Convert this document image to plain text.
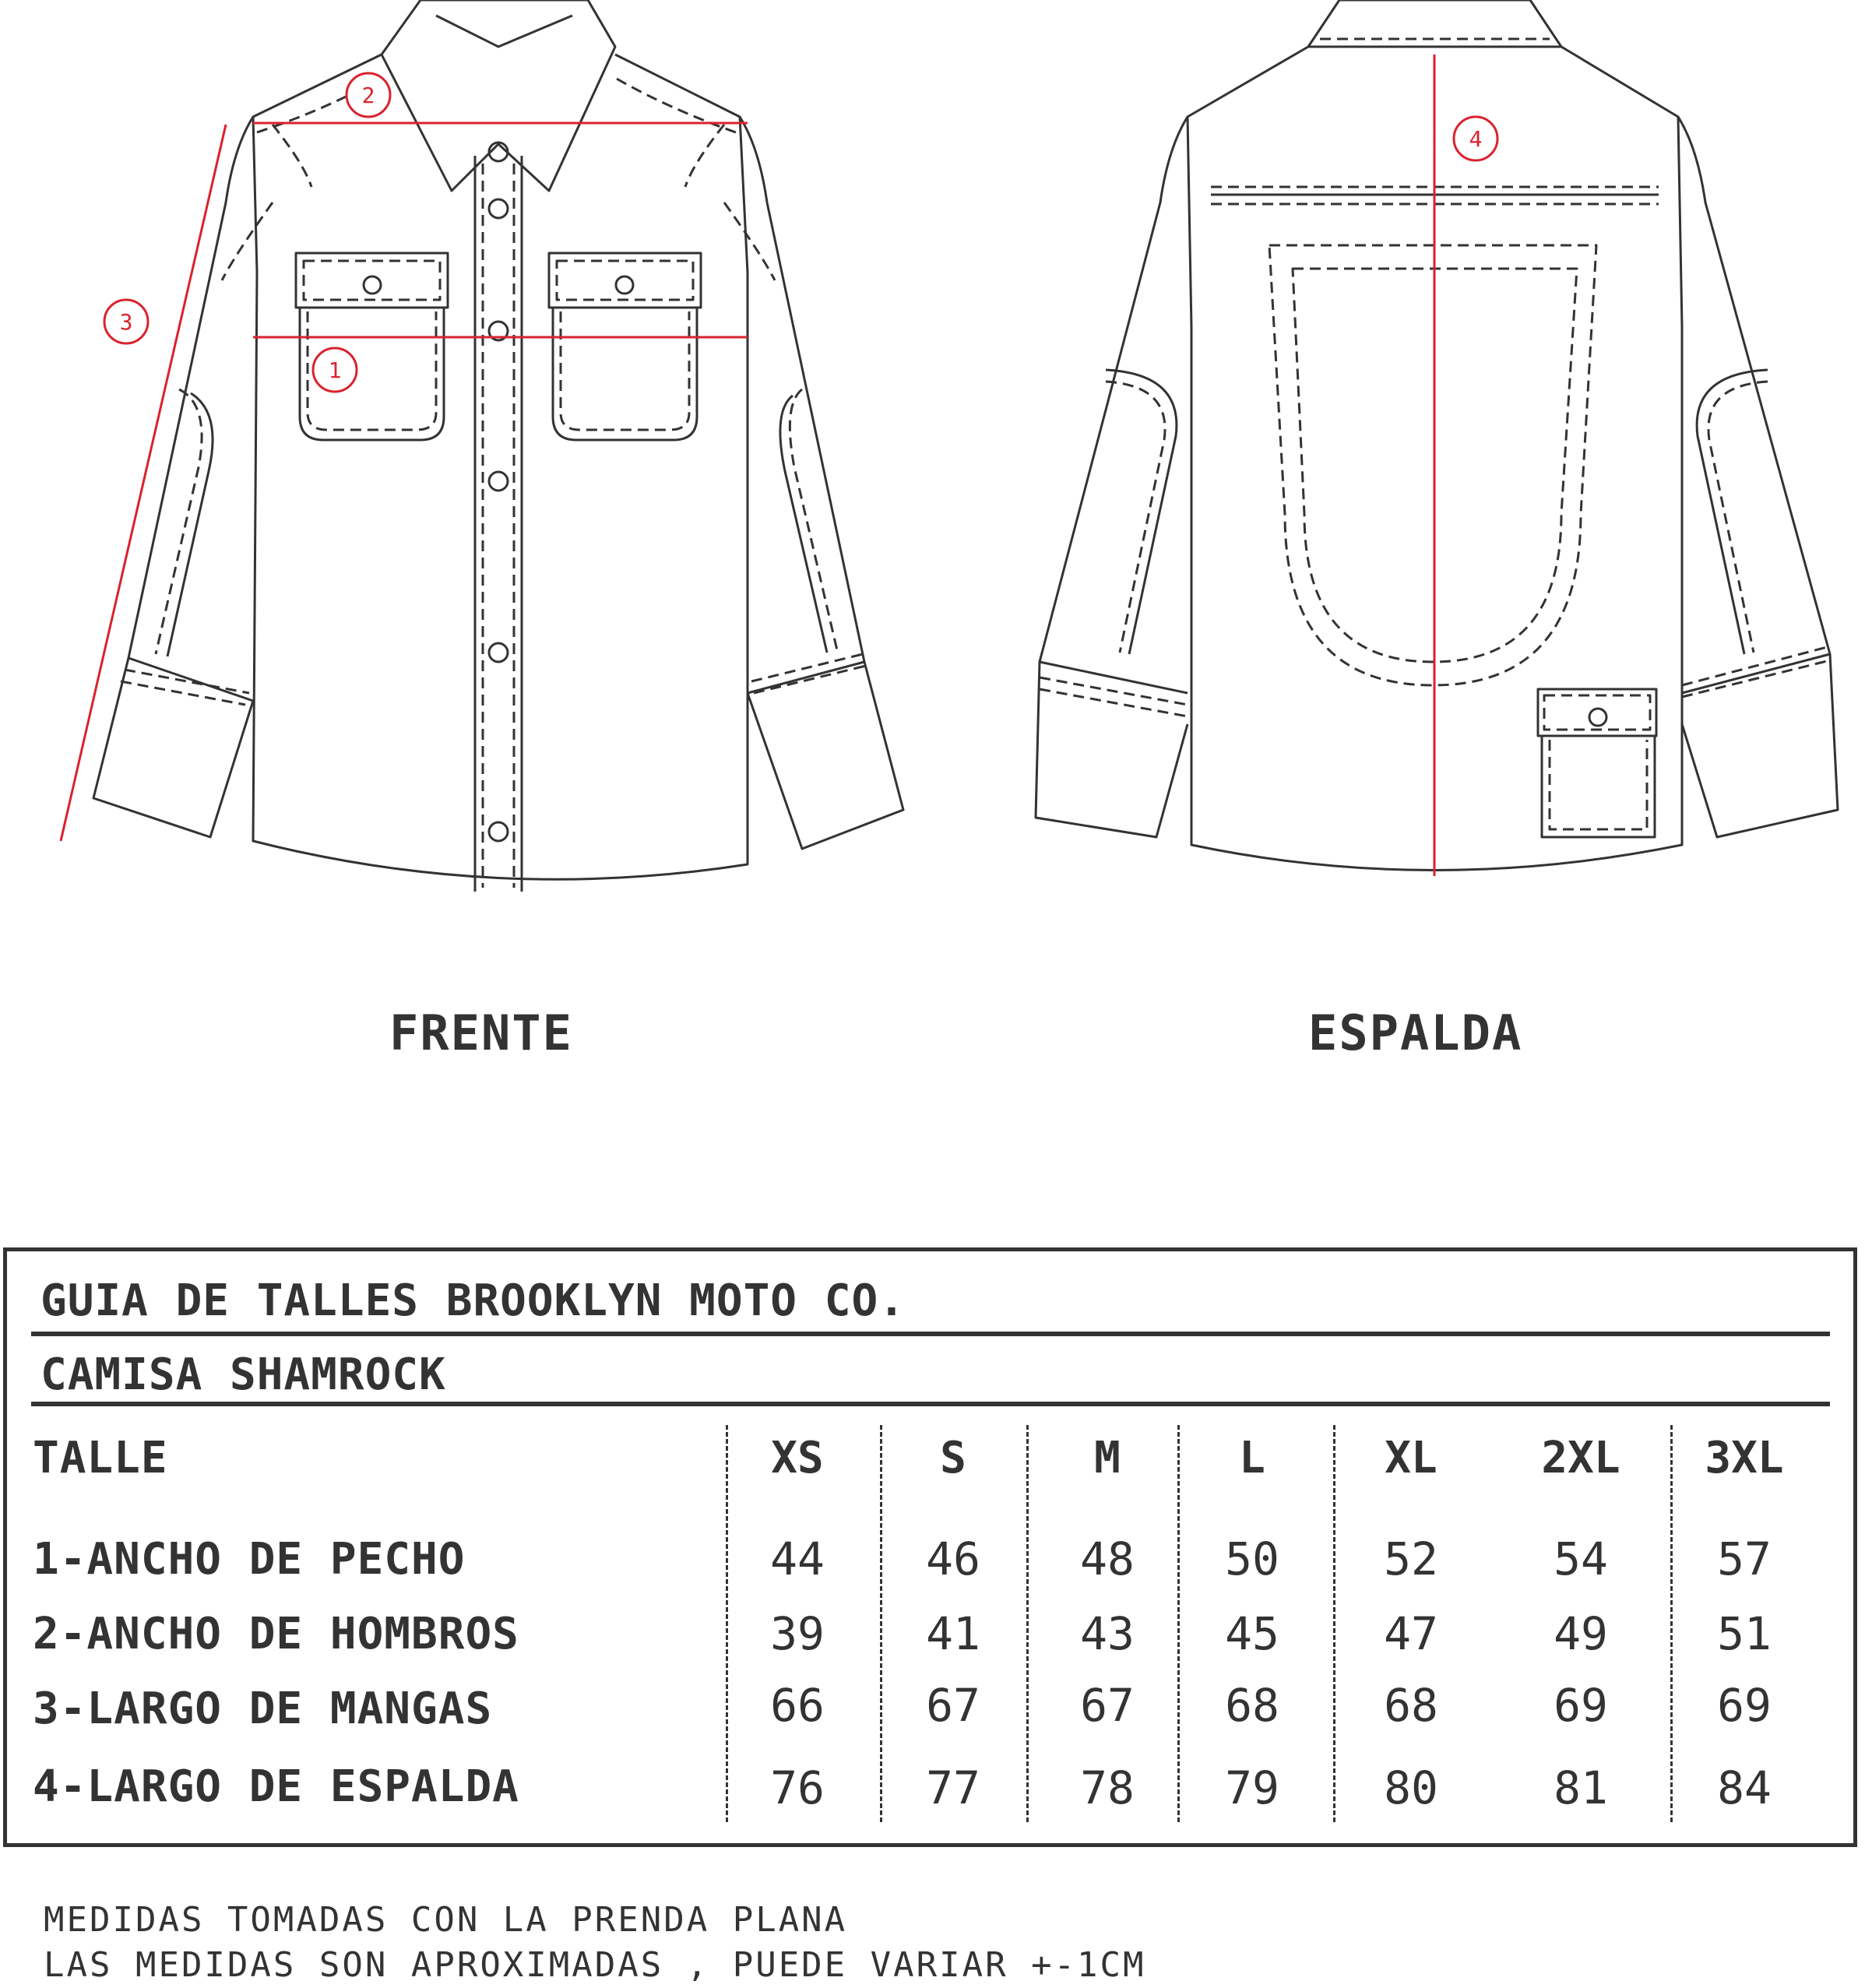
1
2
3
4
FRENTE	ESPALDA
GUIA DE TALLES BROOKLYN MOTO CO.
CAMISA SHAMROCK
TALLE	XS	S	M	L	XL	2XL	3XL
1-ANCHO DE PECHO	44	46	48	50	52	54	57
2-ANCHO DE HOMBROS	39	41	43	45	47	49	51
3-LARGO DE MANGAS	66	67	67	68	68	69	69
4-LARGO DE ESPALDA	76	77	78	79	80	81	84
MEDIDAS TOMADAS CON LA PRENDA PLANA
LAS MEDIDAS SON APROXIMADAS , PUEDE VARIAR +-1CM
